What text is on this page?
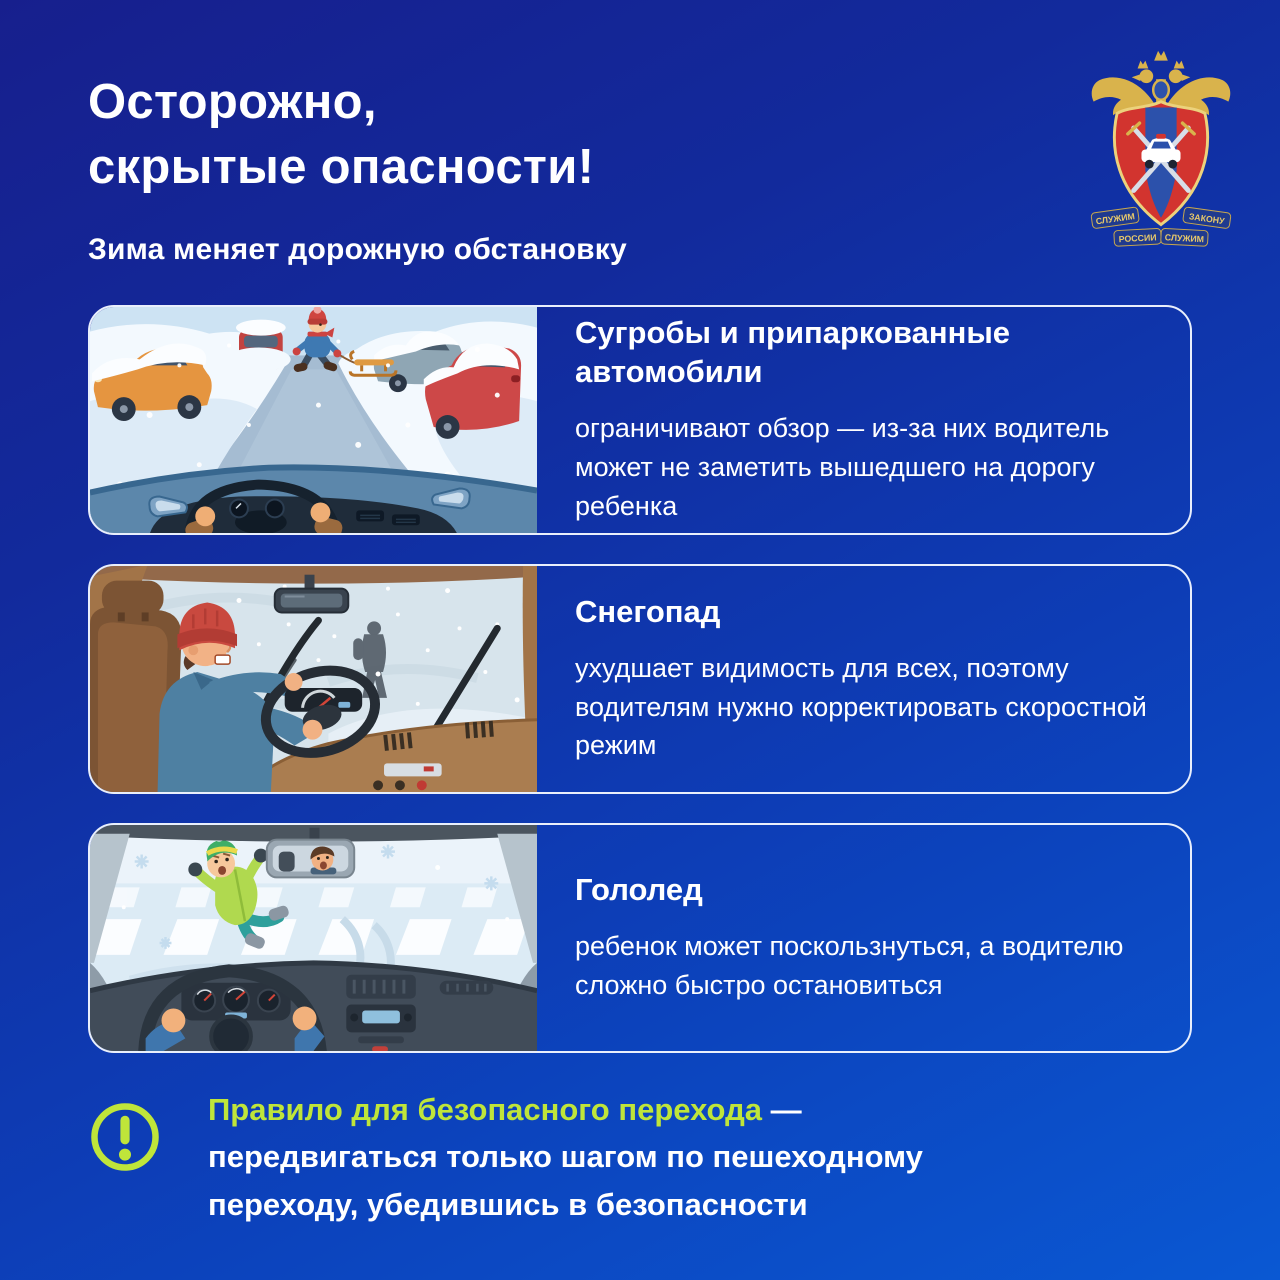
Осторожно,
скрытые опасности!

Зима меняет дорожную обстановку

СЛУЖИМ	ЗАКОНУ
РОССИИ СЛУЖИМ
Сугробы и припаркованные автомобили

ограничивают обзор — из-за них водитель может не заметить вышедшего на дорогу ребенка

Снегопад

ухудшает видимость для всех, поэтому водителям нужно корректировать скоростной режим

Гололед

ребенок может поскользнуться, а водителю сложно быстро остановиться

Правило для безопасного перехода —
передвигаться только шагом по пешеходному переходу, убедившись в безопасности
